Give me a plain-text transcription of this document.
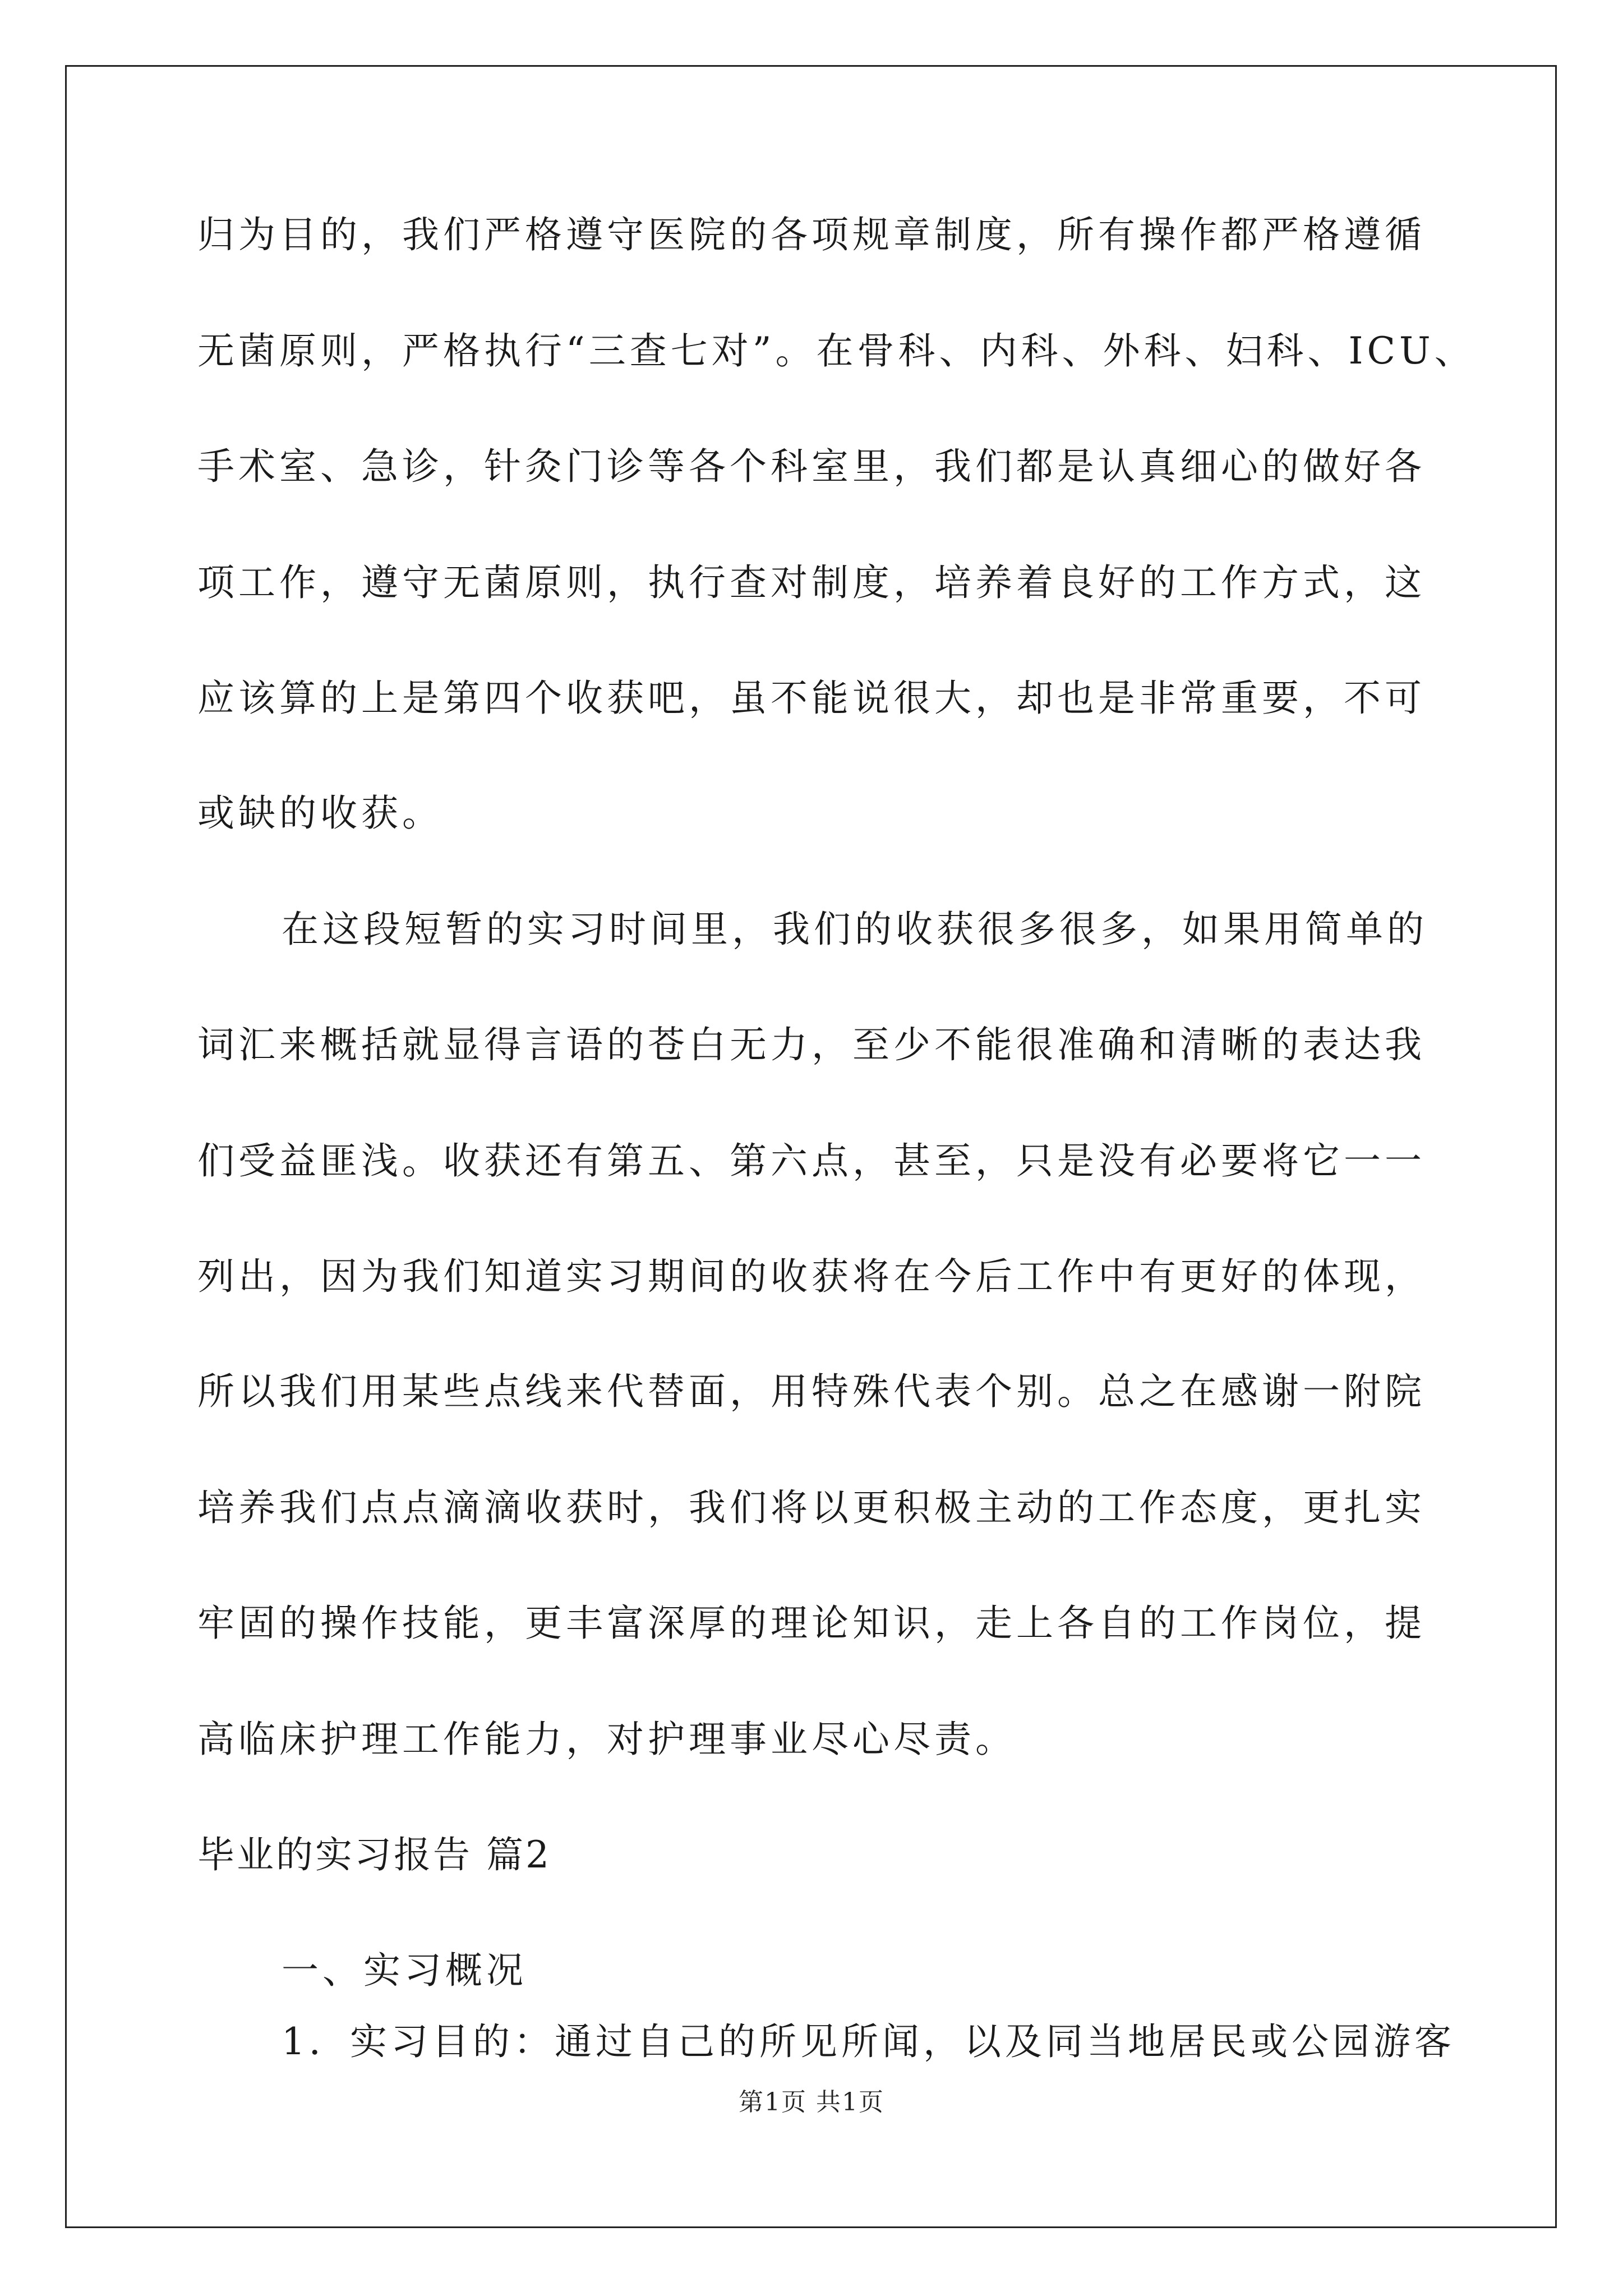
归为目的，我们严格遵守医院的各项规章制度，所有操作都严格遵循
无菌原则，严格执行“三查七对”。在骨科、内科、外科、妇科、ICU、
手术室、急诊，针灸门诊等各个科室里，我们都是认真细心的做好各
项工作，遵守无菌原则，执行查对制度，培养着良好的工作方式，这
应该算的上是第四个收获吧，虽不能说很大，却也是非常重要，不可
或缺的收获。
在这段短暂的实习时间里，我们的收获很多很多，如果用简单的
词汇来概括就显得言语的苍白无力，至少不能很准确和清晰的表达我
们受益匪浅。收获还有第五、第六点，甚至，只是没有必要将它一一
列出，因为我们知道实习期间的收获将在今后工作中有更好的体现，
所以我们用某些点线来代替面，用特殊代表个别。总之在感谢一附院
培养我们点点滴滴收获时，我们将以更积极主动的工作态度，更扎实
牢固的操作技能，更丰富深厚的理论知识，走上各自的工作岗位，提
高临床护理工作能力，对护理事业尽心尽责。
毕业的实习报告 篇2
一、实习概况
1．实习目的：通过自己的所见所闻，以及同当地居民或公园游客
第1页 共1页
